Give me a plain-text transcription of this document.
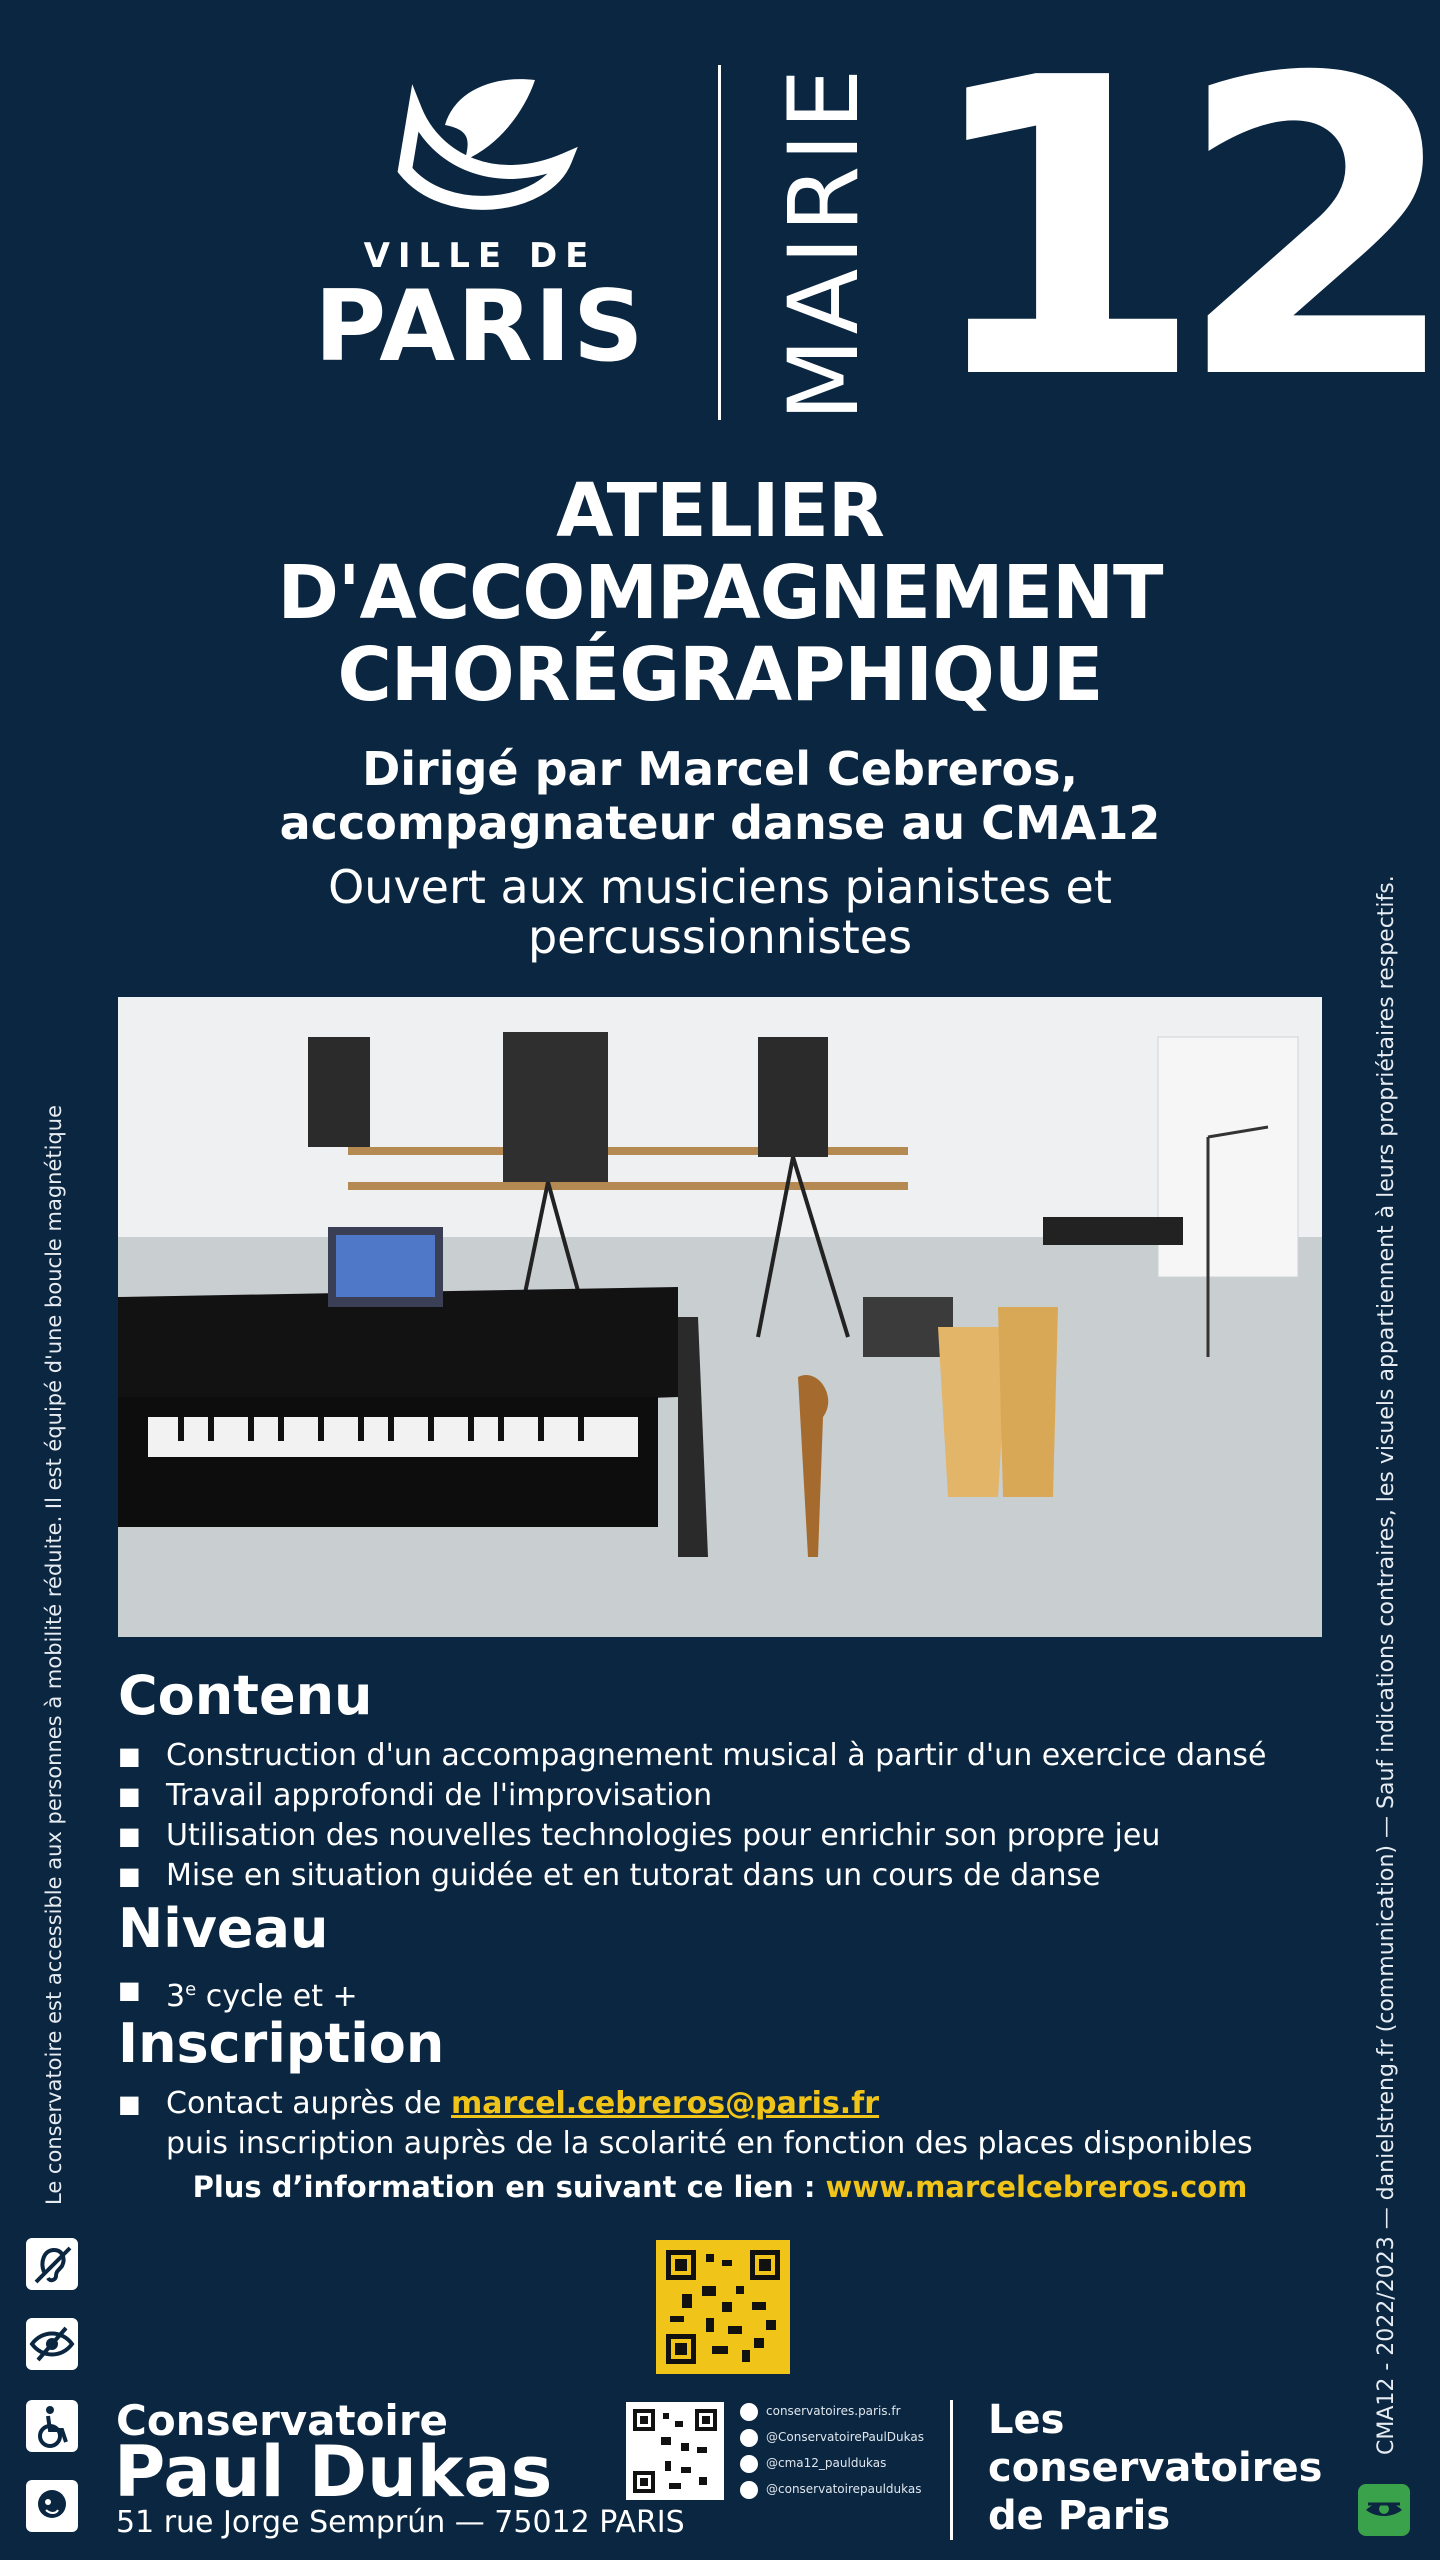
VILLE DE
PARIS MAIRIE 12
ATELIER
D'ACCOMPAGNEMENT
CHORÉGRAPHIQUE
Dirigé par Marcel Cebreros,
accompagnateur danse au CMA12
Ouvert aux musiciens pianistes et
percussionnistes
Contenu
■ Construction d'un accompagnement musical à partir d'un exercice dansé
■ Travail approfondi de l'improvisation
■ Utilisation des nouvelles technologies pour enrichir son propre jeu
■ Mise en situation guidée et en tutorat dans un cours de danse
Niveau
■ 3e cycle et +
Inscription
■ Contact auprès de marcel.cebreros@paris.fr
puis inscription auprès de la scolarité en fonction des places disponibles
Plus d’information en suivant ce lien : www.marcelcebreros.com
Le conservatoire est accessible aux personnes à mobilité réduite. Il est équipé d'une boucle magnétique	CMA12 - 2022/2023 — danielstreng.fr (communication) — Sauf indications contraires, les visuels appartiennent à leurs propriétaires respectifs.
Conservatoire
Paul Dukas
51 rue Jorge Semprún — 75012 PARIS
conservatoires.paris.fr
@ConservatoirePaulDukas
@cma12_pauldukas
@conservatoirepauldukas
Les
conservatoires
de Paris
